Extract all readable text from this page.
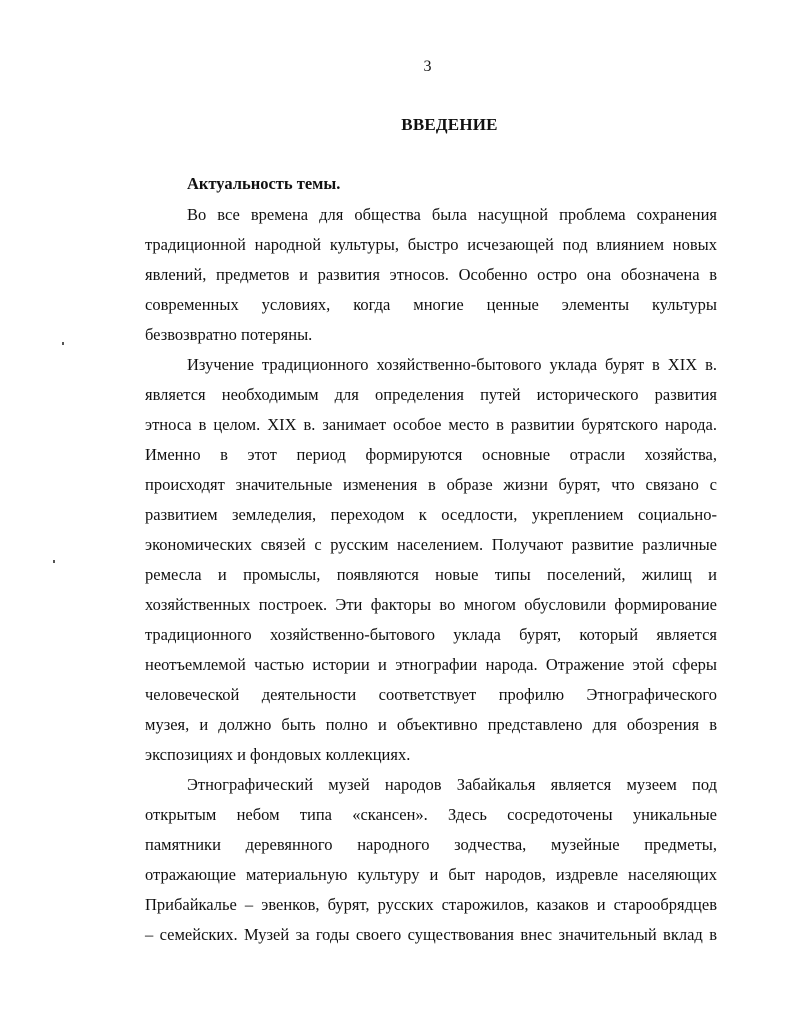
3
ВВЕДЕНИЕ
Актуальность темы.
Во все времена для общества была насущной проблема сохранения
традиционной народной культуры, быстро исчезающей под влиянием новых
явлений, предметов и развития этносов. Особенно остро она обозначена в
современных условиях, когда многие ценные элементы культуры
безвозвратно потеряны.
Изучение традиционного хозяйственно-бытового уклада бурят в XIX в.
является необходимым для определения путей исторического развития
этноса в целом. XIX в. занимает особое место в развитии бурятского народа.
Именно в этот период формируются основные отрасли хозяйства,
происходят значительные изменения в образе жизни бурят, что связано с
развитием земледелия, переходом к оседлости, укреплением социально-
экономических связей с русским населением. Получают развитие различные
ремесла и промыслы, появляются новые типы поселений, жилищ и
хозяйственных построек. Эти факторы во многом обусловили формирование
традиционного хозяйственно-бытового уклада бурят, который является
неотъемлемой частью истории и этнографии народа. Отражение этой сферы
человеческой деятельности соответствует профилю Этнографического
музея, и должно быть полно и объективно представлено для обозрения в
экспозициях и фондовых коллекциях.
Этнографический музей народов Забайкалья является музеем под
открытым небом типа «скансен». Здесь сосредоточены уникальные
памятники деревянного народного зодчества, музейные предметы,
отражающие материальную культуру и быт народов, издревле населяющих
Прибайкалье – эвенков, бурят, русских старожилов, казаков и старообрядцев
– семейских. Музей за годы своего существования внес значительный вклад в
